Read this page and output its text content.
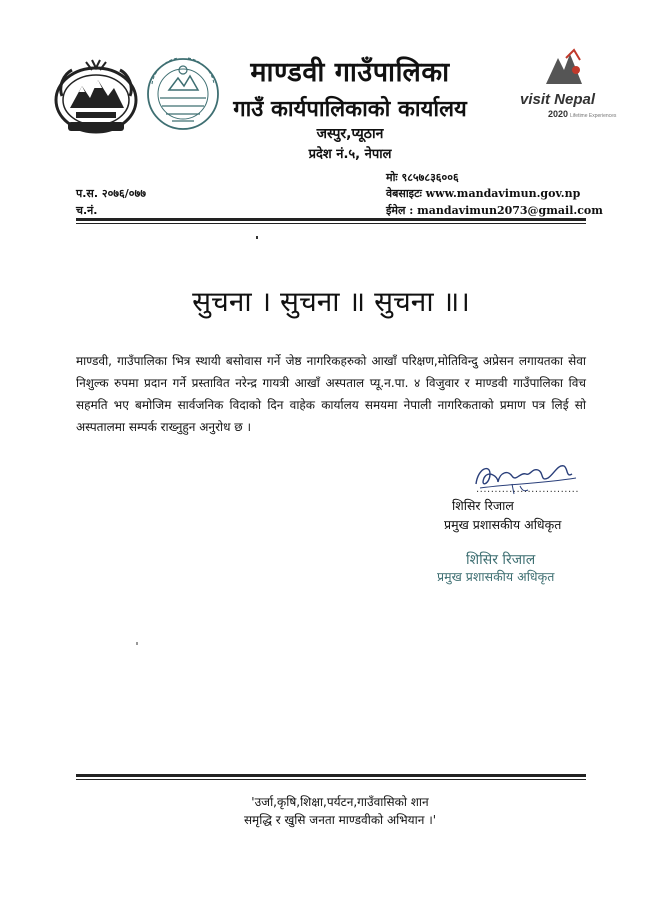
माण्डवी गाउँपालिका
गाउँ कार्यपालिकाको कार्यालय
जस्पुर,प्यूठान
प्रदेश नं.५, नेपाल
visit Nepal
2020 Lifetime Experiences
मोः ९८५७८३६००६
वेबसाइटः www.mandavimun.gov.np
ईमेल : mandavimun2073@gmail.com
प.स. २०७६/०७७
च.नं.
सुचना । सुचना ॥ सुचना ॥।
माण्डवी, गाउँपालिका भित्र स्थायी बसोवास गर्ने जेष्ठ नागरिकहरुको आखाँ परिक्षण,मोतिविन्दु अप्रेसन लगायतका सेवा निशुल्क रुपमा प्रदान गर्ने प्रस्तावित नरेन्द्र गायत्री आखाँ अस्पताल प्यू.न.पा. ४ विजुवार र माण्डवी गाउँपालिका विच सहमति भए बमोजिम सार्वजनिक विदाको दिन वाहेक कार्यालय समयमा नेपाली नागरिकताको प्रमाण पत्र लिई सो अस्पतालमा सम्पर्क राख्नुहुन अनुरोध छ ।
............................
शिसिर रिजाल
प्रमुख प्रशासकीय अधिकृत
शिसिर रिजाल
प्रमुख प्रशासकीय अधिकृत
'उर्जा,कृषि,शिक्षा,पर्यटन,गाउँवासिको शान
समृद्धि र खुसि जनता माण्डवीको अभियान ।'
